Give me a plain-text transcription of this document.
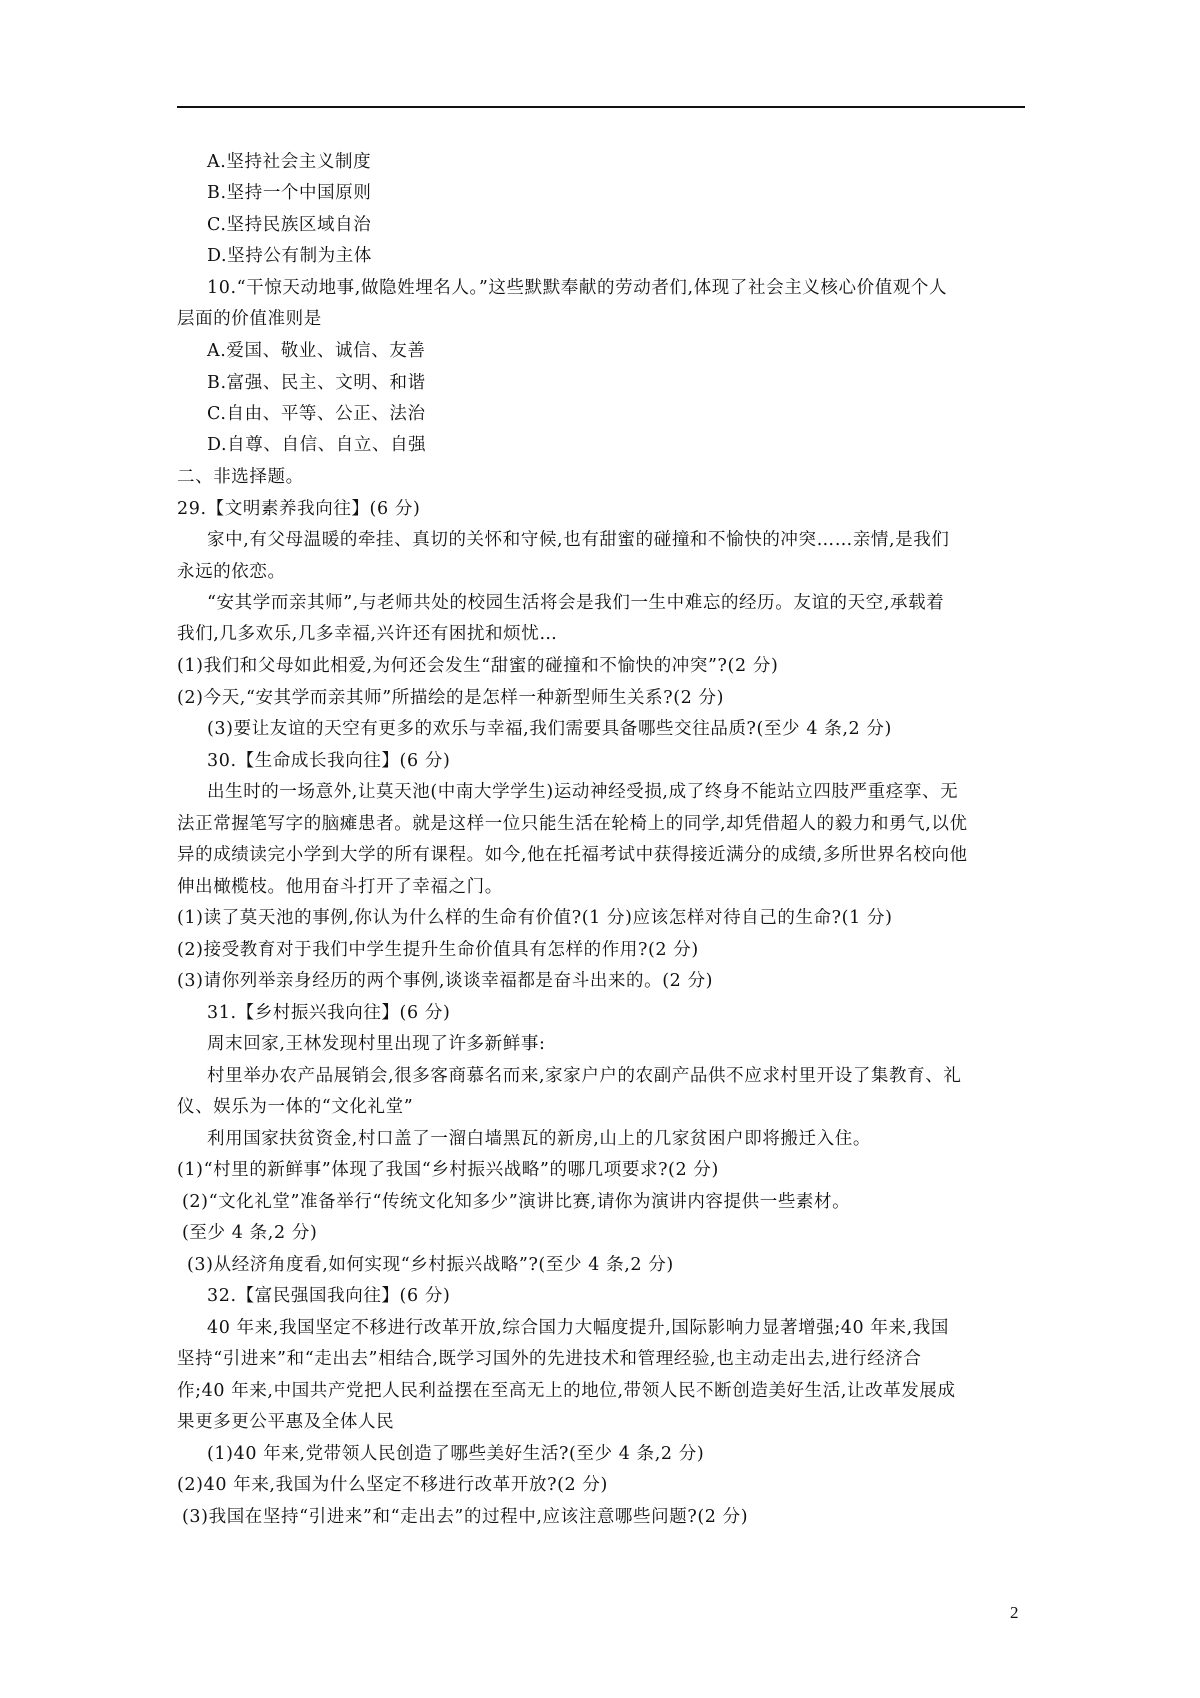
A.坚持社会主义制度
B.坚持一个中国原则
C.坚持民族区域自治
D.坚持公有制为主体
10.“干惊天动地事,做隐姓埋名人。”这些默默奉献的劳动者们,体现了社会主义核心价值观个人
层面的价值准则是
A.爱国、敬业、诚信、友善
B.富强、民主、文明、和谐
C.自由、平等、公正、法治
D.自尊、自信、自立、自强
二、非选择题。
29.【文明素养我向往】(6 分)
家中,有父母温暖的牵挂、真切的关怀和守候,也有甜蜜的碰撞和不愉快的冲突……亲情,是我们
永远的依恋。
“安其学而亲其师”,与老师共处的校园生活将会是我们一生中难忘的经历。友谊的天空,承载着
我们,几多欢乐,几多幸福,兴许还有困扰和烦忧…
(1)我们和父母如此相爱,为何还会发生“甜蜜的碰撞和不愉快的冲突”?(2 分)
(2)今天,“安其学而亲其师”所描绘的是怎样一种新型师生关系?(2 分)
(3)要让友谊的天空有更多的欢乐与幸福,我们需要具备哪些交往品质?(至少 4 条,2 分)
30.【生命成长我向往】(6 分)
出生时的一场意外,让莫天池(中南大学学生)运动神经受损,成了终身不能站立四肢严重痉挛、无
法正常握笔写字的脑瘫患者。就是这样一位只能生活在轮椅上的同学,却凭借超人的毅力和勇气,以优
异的成绩读完小学到大学的所有课程。如今,他在托福考试中获得接近满分的成绩,多所世界名校向他
伸出橄榄枝。他用奋斗打开了幸福之门。
(1)读了莫天池的事例,你认为什么样的生命有价值?(1 分)应该怎样对待自己的生命?(1 分)
(2)接受教育对于我们中学生提升生命价值具有怎样的作用?(2 分)
(3)请你列举亲身经历的两个事例,谈谈幸福都是奋斗出来的。(2 分)
31.【乡村振兴我向往】(6 分)
周末回家,王林发现村里出现了许多新鲜事:
村里举办农产品展销会,很多客商慕名而来,家家户户的农副产品供不应求村里开设了集教育、礼
仪、娱乐为一体的“文化礼堂”
利用国家扶贫资金,村口盖了一溜白墙黑瓦的新房,山上的几家贫困户即将搬迁入住。
(1)“村里的新鲜事”体现了我国“乡村振兴战略”的哪几项要求?(2 分)
(2)“文化礼堂”准备举行“传统文化知多少”演讲比赛,请你为演讲内容提供一些素材。
(至少 4 条,2 分)
(3)从经济角度看,如何实现“乡村振兴战略”?(至少 4 条,2 分)
32.【富民强国我向往】(6 分)
40 年来,我国坚定不移进行改革开放,综合国力大幅度提升,国际影响力显著增强;40 年来,我国
坚持“引进来”和“走出去”相结合,既学习国外的先进技术和管理经验,也主动走出去,进行经济合
作;40 年来,中国共产党把人民利益摆在至高无上的地位,带领人民不断创造美好生活,让改革发展成
果更多更公平惠及全体人民
(1)40 年来,党带领人民创造了哪些美好生活?(至少 4 条,2 分)
(2)40 年来,我国为什么坚定不移进行改革开放?(2 分)
(3)我国在坚持“引进来”和“走出去”的过程中,应该注意哪些问题?(2 分)
2
